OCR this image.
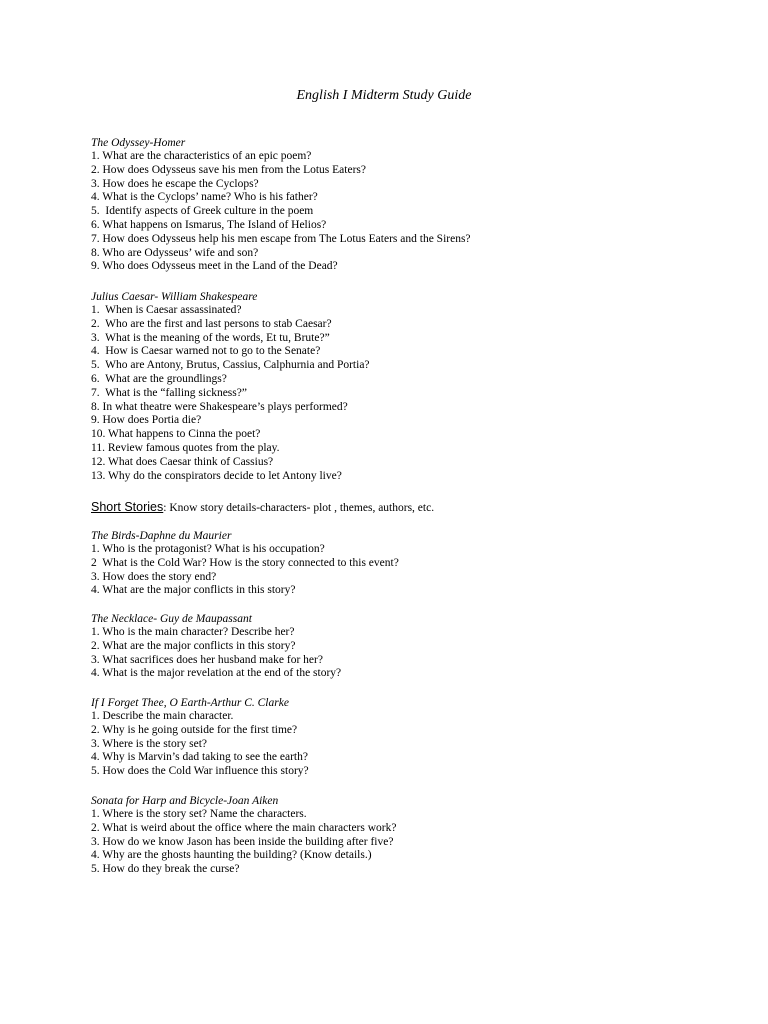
English I Midterm Study Guide
The Odyssey-Homer
1. What are the characteristics of an epic poem?
2. How does Odysseus save his men from the Lotus Eaters?
3. How does he escape the Cyclops?
4. What is the Cyclops’ name? Who is his father?
5.  Identify aspects of Greek culture in the poem
6. What happens on Ismarus, The Island of Helios?
7. How does Odysseus help his men escape from The Lotus Eaters and the Sirens?
8. Who are Odysseus’ wife and son?
9. Who does Odysseus meet in the Land of the Dead?
Julius Caesar- William Shakespeare
1.  When is Caesar assassinated?
2.  Who are the first and last persons to stab Caesar?
3.  What is the meaning of the words, Et tu, Brute?”
4.  How is Caesar warned not to go to the Senate?
5.  Who are Antony, Brutus, Cassius, Calphurnia and Portia?
6.  What are the groundlings?
7.  What is the “falling sickness?”
8. In what theatre were Shakespeare’s plays performed?
9. How does Portia die?
10. What happens to Cinna the poet?
11. Review famous quotes from the play.
12. What does Caesar think of Cassius?
13. Why do the conspirators decide to let Antony live?
Short Stories: Know story details-characters- plot , themes, authors, etc.
The Birds-Daphne du Maurier
1. Who is the protagonist? What is his occupation?
2  What is the Cold War? How is the story connected to this event?
3. How does the story end?
4. What are the major conflicts in this story?
The Necklace- Guy de Maupassant
1. Who is the main character? Describe her?
2. What are the major conflicts in this story?
3. What sacrifices does her husband make for her?
4. What is the major revelation at the end of the story?
If I Forget Thee, O Earth-Arthur C. Clarke
1. Describe the main character.
2. Why is he going outside for the first time?
3. Where is the story set?
4. Why is Marvin’s dad taking to see the earth?
5. How does the Cold War influence this story?
Sonata for Harp and Bicycle-Joan Aiken
1. Where is the story set? Name the characters.
2. What is weird about the office where the main characters work?
3. How do we know Jason has been inside the building after five?
4. Why are the ghosts haunting the building? (Know details.)
5. How do they break the curse?
